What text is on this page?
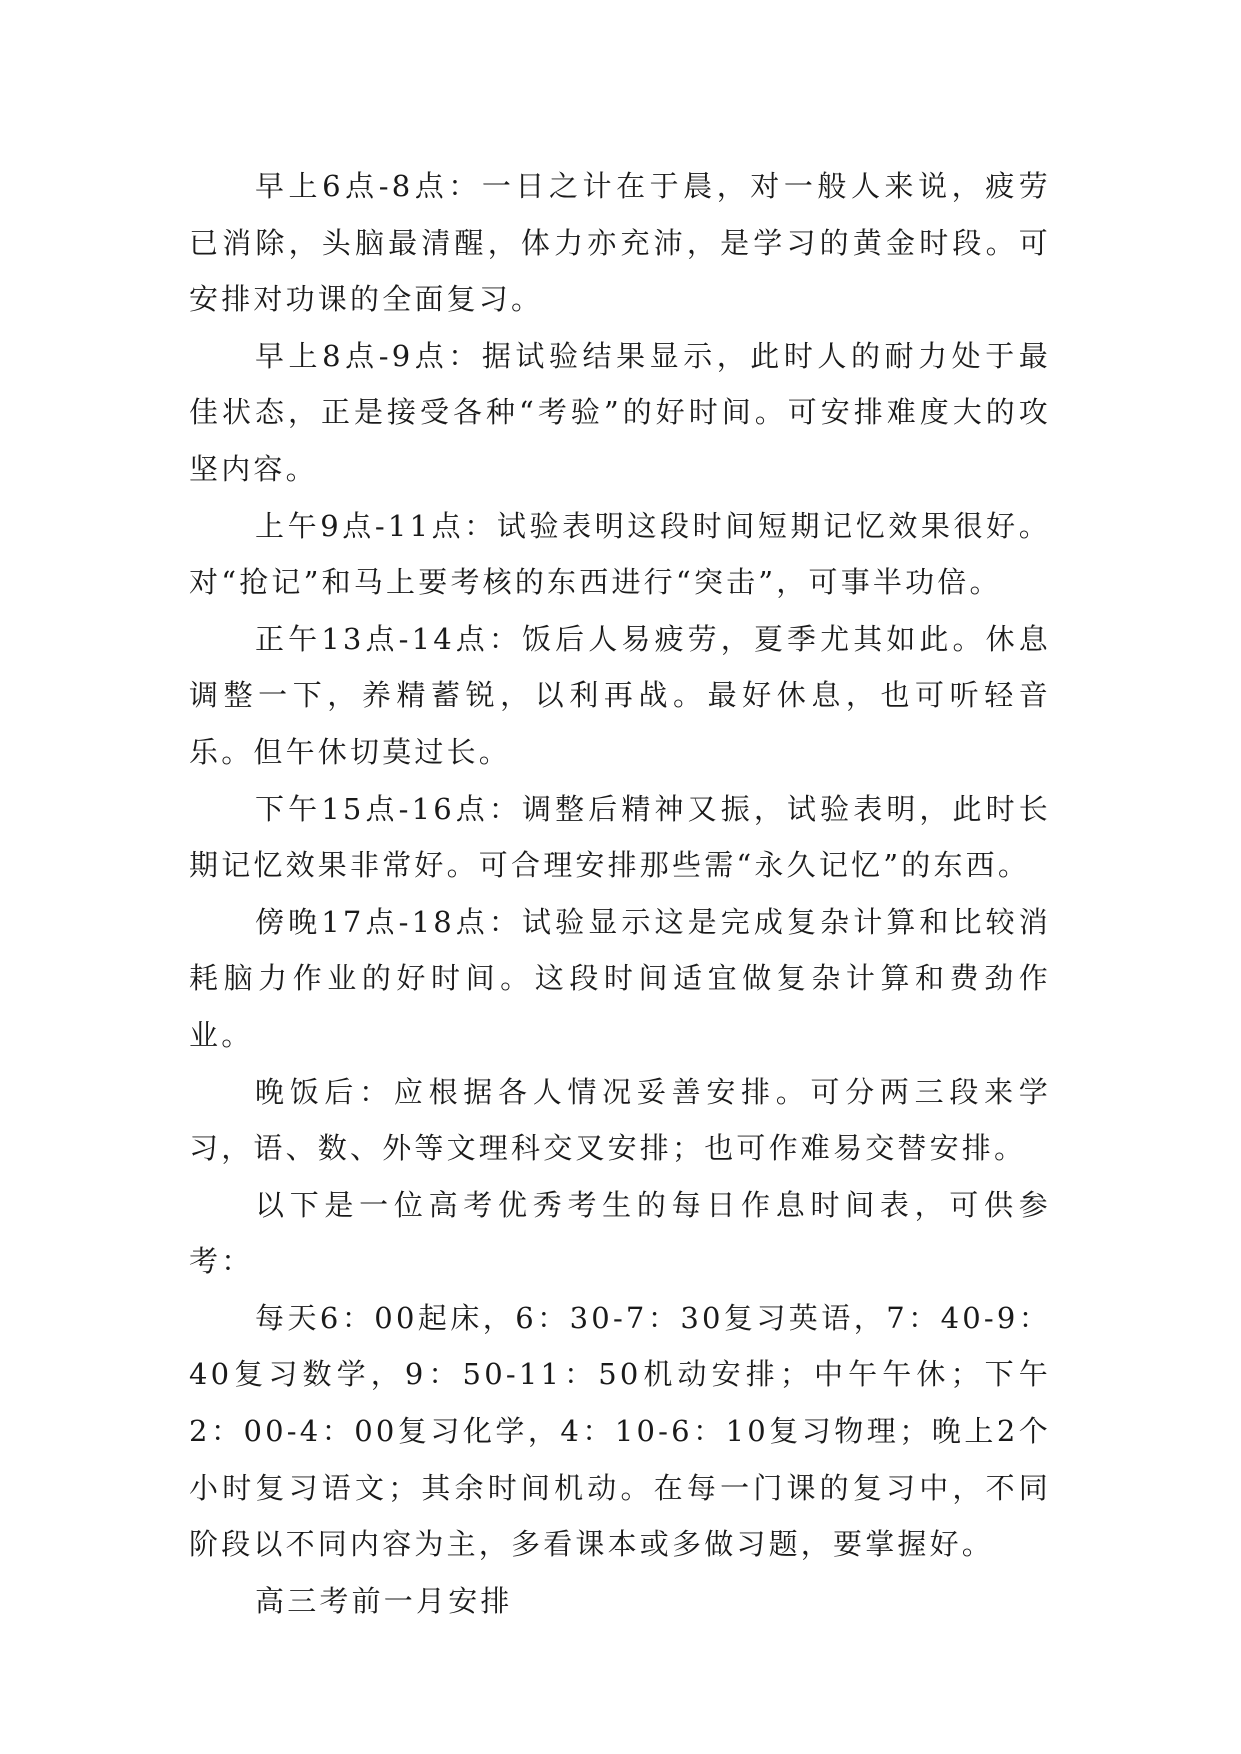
早上6点-8点：一日之计在于晨，对一般人来说，疲劳已消除，头脑最清醒，体力亦充沛，是学习的黄金时段。可安排对功课的全面复习。

早上8点-9点：据试验结果显示，此时人的耐力处于最佳状态，正是接受各种“考验”的好时间。可安排难度大的攻坚内容。

上午9点-11点：试验表明这段时间短期记忆效果很好。对“抢记”和马上要考核的东西进行“突击”，可事半功倍。

正午13点-14点：饭后人易疲劳，夏季尤其如此。休息调整一下，养精蓄锐，以利再战。最好休息，也可听轻音乐。但午休切莫过长。

下午15点-16点：调整后精神又振，试验表明，此时长期记忆效果非常好。可合理安排那些需“永久记忆”的东西。

傍晚17点-18点：试验显示这是完成复杂计算和比较消耗脑力作业的好时间。这段时间适宜做复杂计算和费劲作业。

晚饭后：应根据各人情况妥善安排。可分两三段来学习，语、数、外等文理科交叉安排；也可作难易交替安排。

以下是一位高考优秀考生的每日作息时间表，可供参考：

每天6：00起床，6：30-7：30复习英语，7：40-9：40复习数学，9：50-11：50机动安排；中午午休；下午2：00-4：00复习化学，4：10-6：10复习物理；晚上2个小时复习语文；其余时间机动。在每一门课的复习中，不同阶段以不同内容为主，多看课本或多做习题，要掌握好。

高三考前一月安排
